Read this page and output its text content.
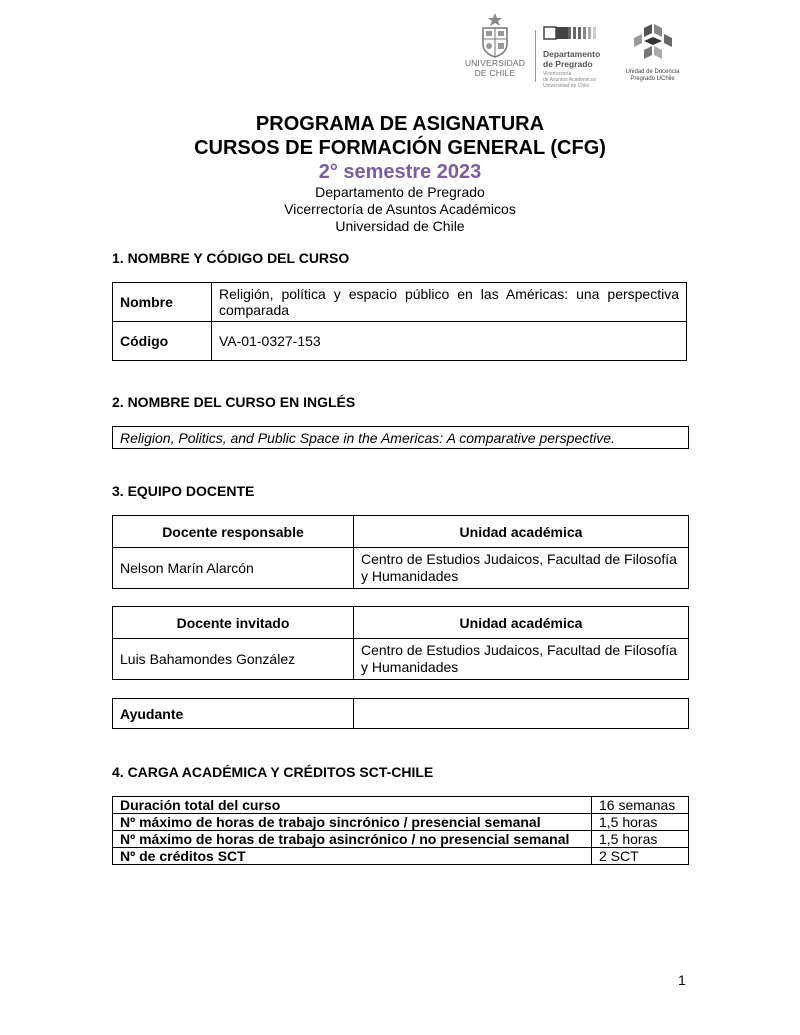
UNIVERSIDAD
DE CHILE
Departamento
de Pregrado
Vicerrectoría
de Asuntos Académicos
Universidad de Chile
Unidad de Docencia
Pregrado UChile
PROGRAMA DE ASIGNATURA
CURSOS DE FORMACIÓN GENERAL (CFG)
2° semestre 2023
Departamento de Pregrado
Vicerrectoría de Asuntos Académicos
Universidad de Chile
1. NOMBRE Y CÓDIGO DEL CURSO
Nombre	Religión, política y espacio público en las Américas: una perspectiva comparada
Código	VA-01-0327-153
2. NOMBRE DEL CURSO EN INGLÉS
Religion, Politics, and Public Space in the Americas: A comparative perspective.
3. EQUIPO DOCENTE
Docente responsable	Unidad académica
Nelson Marín Alarcón	Centro de Estudios Judaicos, Facultad de Filosofía y Humanidades
Docente invitado	Unidad académica
Luis Bahamondes González	Centro de Estudios Judaicos, Facultad de Filosofía y Humanidades
Ayudante	
4. CARGA ACADÉMICA Y CRÉDITOS SCT-CHILE
Duración total del curso	16 semanas
Nº máximo de horas de trabajo sincrónico / presencial semanal	1,5 horas
Nº máximo de horas de trabajo asincrónico / no presencial semanal	1,5 horas
Nº de créditos SCT	2 SCT
1
